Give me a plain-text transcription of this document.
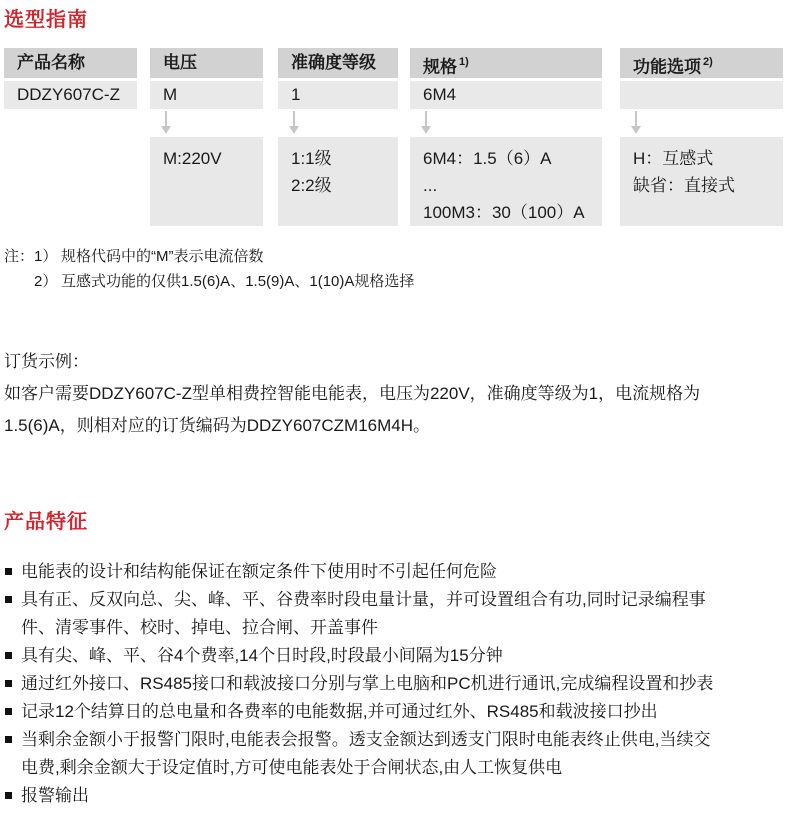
选型指南
产品名称
DDZY607C-Z
电压
M
M:220V
准确度等级
1
1:1级
2:2级
规格 $^{1)}$
6M4
6M4：1.5（6）A
...
100M3：30（100）A
功能选项 $^{2)}$
H：互感式
缺省：直接式
注： 1） 规格代码中的“M”表示电流倍数
2） 互感式功能的仅供1.5(6)A、1.5(9)A、1(10)A规格选择
订货示例：
如客户需要DDZY607C-Z型单相费控智能电能表，电压为220V，准确度等级为1，电流规格为
1.5(6)A，则相对应的订货编码为DDZY607CZM16M4H。
产品特征
电能表的设计和结构能保证在额定条件下使用时不引起任何危险
具有正、反双向总、尖、峰、平、谷费率时段电量计量，并可设置组合有功,同时记录编程事
件、清零事件、校时、掉电、拉合闸、开盖事件
具有尖、峰、平、谷4个费率,14个日时段,时段最小间隔为15分钟
通过红外接口、RS485接口和载波接口分别与掌上电脑和PC机进行通讯,完成编程设置和抄表
记录12个结算日的总电量和各费率的电能数据,并可通过红外、RS485和载波接口抄出
当剩余金额小于报警门限时,电能表会报警。透支金额达到透支门限时电能表终止供电,当续交
电费,剩余金额大于设定值时,方可使电能表处于合闸状态,由人工恢复供电
报警输出
